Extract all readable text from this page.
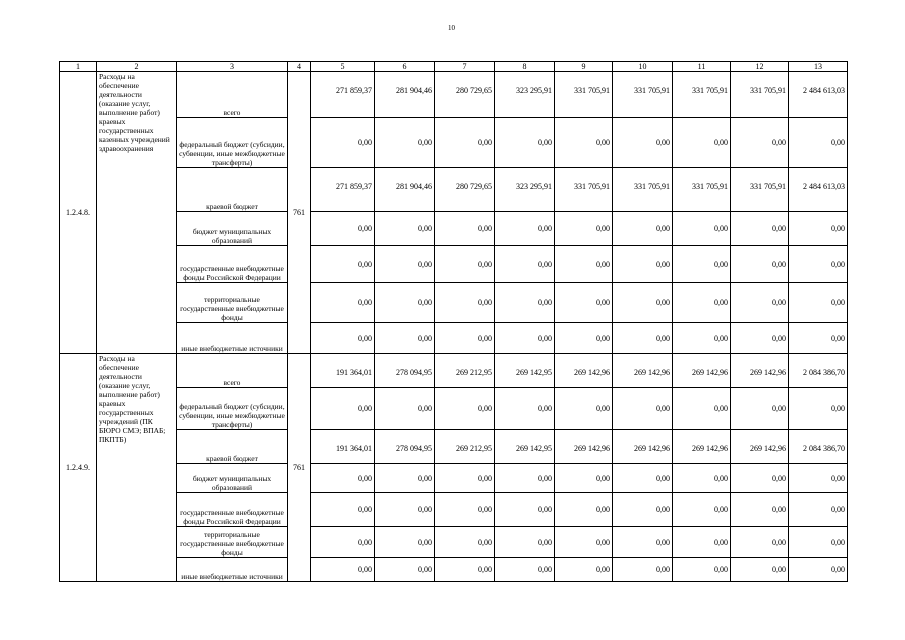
10
1	2	3	4	5	6	7	8	9	10	11	12	13
1.2.4.8.	Расходы на обеспечение деятельности (оказание услуг, выполнение работ) краевых государственных казенных учреждений здравоохранения	всего	761	271 859,37	281 904,46	280 729,65	323 295,91	331 705,91	331 705,91	331 705,91	331 705,91	2 484 613,03
		федеральный бюджет (субсидии, субвенции, иные межбюджетные трансферты)		0,00	0,00	0,00	0,00	0,00	0,00	0,00	0,00	0,00
		краевой бюджет		271 859,37	281 904,46	280 729,65	323 295,91	331 705,91	331 705,91	331 705,91	331 705,91	2 484 613,03
		бюджет муниципальных образований		0,00	0,00	0,00	0,00	0,00	0,00	0,00	0,00	0,00
		государственные внебюджетные фонды Российской Федерации		0,00	0,00	0,00	0,00	0,00	0,00	0,00	0,00	0,00
		территориальные государственные внебюджетные фонды		0,00	0,00	0,00	0,00	0,00	0,00	0,00	0,00	0,00
		иные внебюджетные источники		0,00	0,00	0,00	0,00	0,00	0,00	0,00	0,00	0,00
1.2.4.9.	Расходы на обеспечение деятельности (оказание услуг, выполнение работ) краевых государственных учреждений (ПК БЮРО СМЭ; ВПАБ; ПКПТБ)	всего	761	191 364,01	278 094,95	269 212,95	269 142,95	269 142,96	269 142,96	269 142,96	269 142,96	2 084 386,70
		федеральный бюджет (субсидии, субвенции, иные межбюджетные трансферты)		0,00	0,00	0,00	0,00	0,00	0,00	0,00	0,00	0,00
		краевой бюджет		191 364,01	278 094,95	269 212,95	269 142,95	269 142,96	269 142,96	269 142,96	269 142,96	2 084 386,70
		бюджет муниципальных образований		0,00	0,00	0,00	0,00	0,00	0,00	0,00	0,00	0,00
		государственные внебюджетные фонды Российской Федерации		0,00	0,00	0,00	0,00	0,00	0,00	0,00	0,00	0,00
		территориальные государственные внебюджетные фонды		0,00	0,00	0,00	0,00	0,00	0,00	0,00	0,00	0,00
		иные внебюджетные источники		0,00	0,00	0,00	0,00	0,00	0,00	0,00	0,00	0,00
